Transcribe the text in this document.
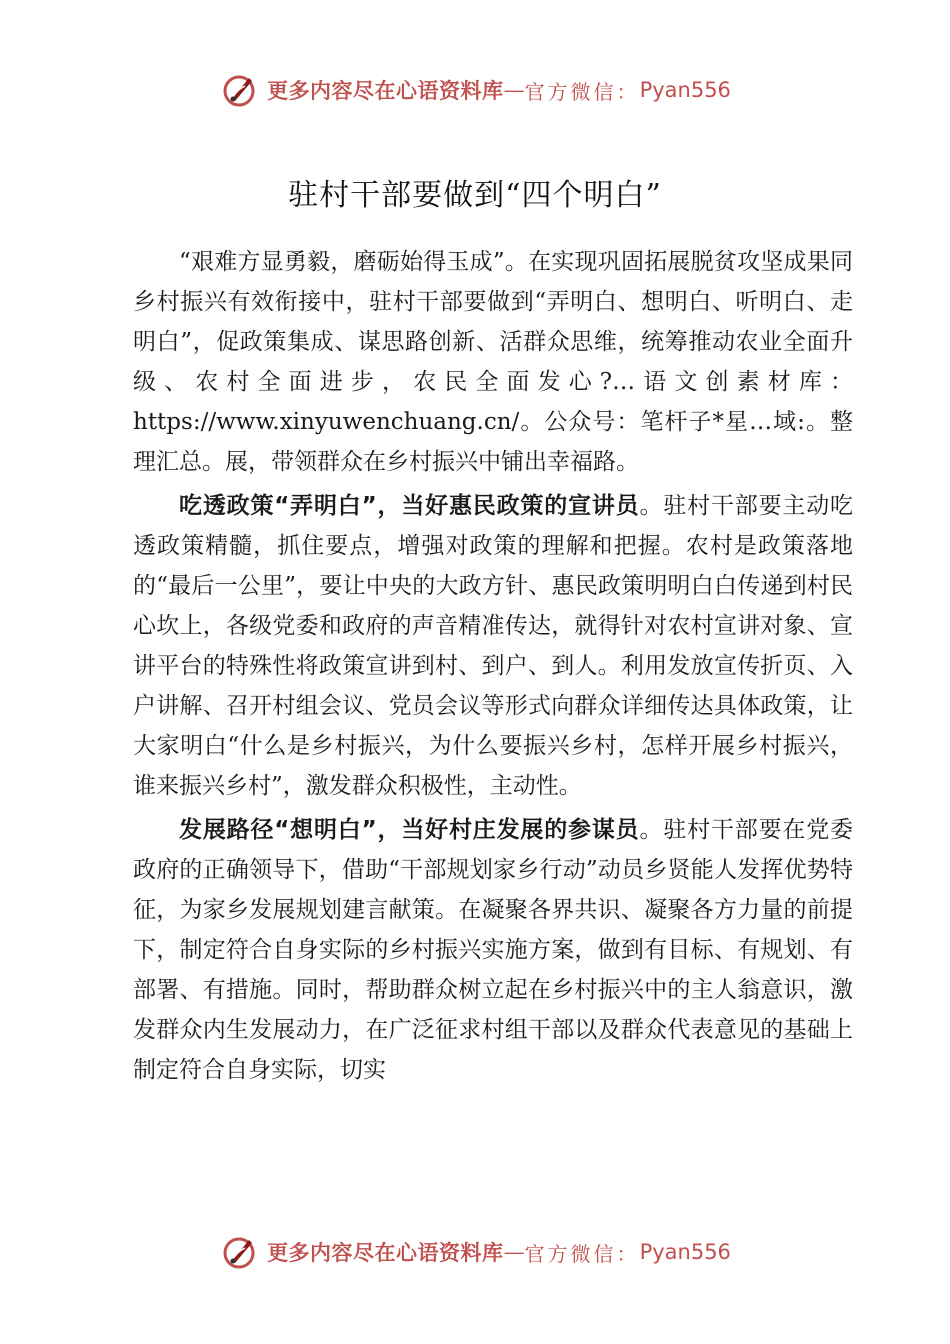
更多内容尽在心语资料库 — 官方微信： Pyan556
驻村干部要做到“四个明白”

“艰难方显勇毅，磨砺始得玉成”。在实现巩固拓展脱贫攻坚成果同乡村振兴有效衔接中，驻村干部要做到“弄明白、想明白、听明白、走明白”，促政策集成、谋思路创新、活群众思维，统筹推动农业全面升级、农村全面进步，农民全面发心?…语文创素材库：https://www.xinyuwenchuang.cn/。公众号：笔杆子*星…域:。整理汇总。展，带领群众在乡村振兴中铺出幸福路。

吃透政策“弄明白”，当好惠民政策的宣讲员。驻村干部要主动吃透政策精髓，抓住要点，增强对政策的理解和把握。农村是政策落地的“最后一公里”，要让中央的大政方针、惠民政策明明白白传递到村民心坎上，各级党委和政府的声音精准传达，就得针对农村宣讲对象、宣讲平台的特殊性将政策宣讲到村、到户、到人。利用发放宣传折页、入户讲解、召开村组会议、党员会议等形式向群众详细传达具体政策，让大家明白“什么是乡村振兴，为什么要振兴乡村，怎样开展乡村振兴，谁来振兴乡村”，激发群众积极性，主动性。

发展路径“想明白”，当好村庄发展的参谋员。驻村干部要在党委政府的正确领导下，借助“干部规划家乡行动”动员乡贤能人发挥优势特征，为家乡发展规划建言献策。在凝聚各界共识、凝聚各方力量的前提下，制定符合自身实际的乡村振兴实施方案，做到有目标、有规划、有部署、有措施。同时，帮助群众树立起在乡村振兴中的主人翁意识，激发群众内生发展动力，在广泛征求村组干部以及群众代表意见的基础上制定符合自身实际，切实

更多内容尽在心语资料库 — 官方微信： Pyan556
